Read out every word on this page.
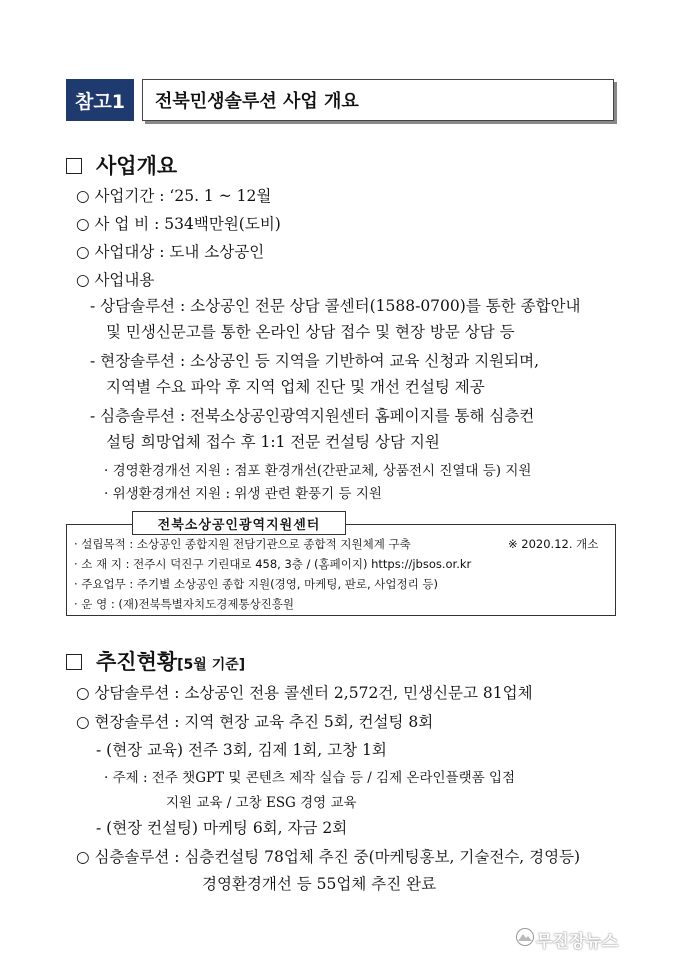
참고1	전북민생솔루션 사업 개요
사업개요
○ 사업기간 : ‘25. 1 ~ 12월
○ 사 업 비 : 534백만원(도비)
○ 사업대상 : 도내 소상공인
○ 사업내용
- 상담솔루션 : 소상공인 전문 상담 콜센터(1588-0700)를 통한 종합안내
및 민생신문고를 통한 온라인 상담 접수 및 현장 방문 상담 등
- 현장솔루션 : 소상공인 등 지역을 기반하여 교육 신청과 지원되며,
지역별 수요 파악 후 지역 업체 진단 및 개선 컨설팅 제공
- 심층솔루션 : 전북소상공인광역지원센터 홈페이지를 통해 심층컨
설팅 희망업체 접수 후 1:1 전문 컨설팅 상담 지원
· 경영환경개선 지원 : 점포 환경개선(간판교체, 상품전시 진열대 등) 지원
· 위생환경개선 지원 : 위생 관련 환풍기 등 지원
전북소상공인광역지원센터
· 설립목적 : 소상공인 종합지원 전담기관으로 종합적 지원체계 구축	※ 2020.12. 개소
· 소 재 지 : 전주시 덕진구 기린대로 458, 3층 / (홈페이지) https://jbsos.or.kr
· 주요업무 : 주기별 소상공인 종합 지원(경영, 마케팅, 판로, 사업정리 등)
· 운 영 : (재)전북특별자치도경제통상진흥원
추진현황[5월 기준]
○ 상담솔루션 : 소상공인 전용 콜센터 2,572건, 민생신문고 81업체
○ 현장솔루션 : 지역 현장 교육 추진 5회, 컨설팅 8회
- (현장 교육) 전주 3회, 김제 1회, 고창 1회
· 주제 : 전주 챗GPT 및 콘텐츠 제작 실습 등 / 김제 온라인플랫폼 입점
지원 교육 / 고창 ESG 경영 교육
- (현장 컨설팅) 마케팅 6회, 자금 2회
○ 심층솔루션 : 심층컨설팅 78업체 추진 중(마케팅홍보, 기술전수, 경영등)
경영환경개선 등 55업체 추진 완료
무진장뉴스
